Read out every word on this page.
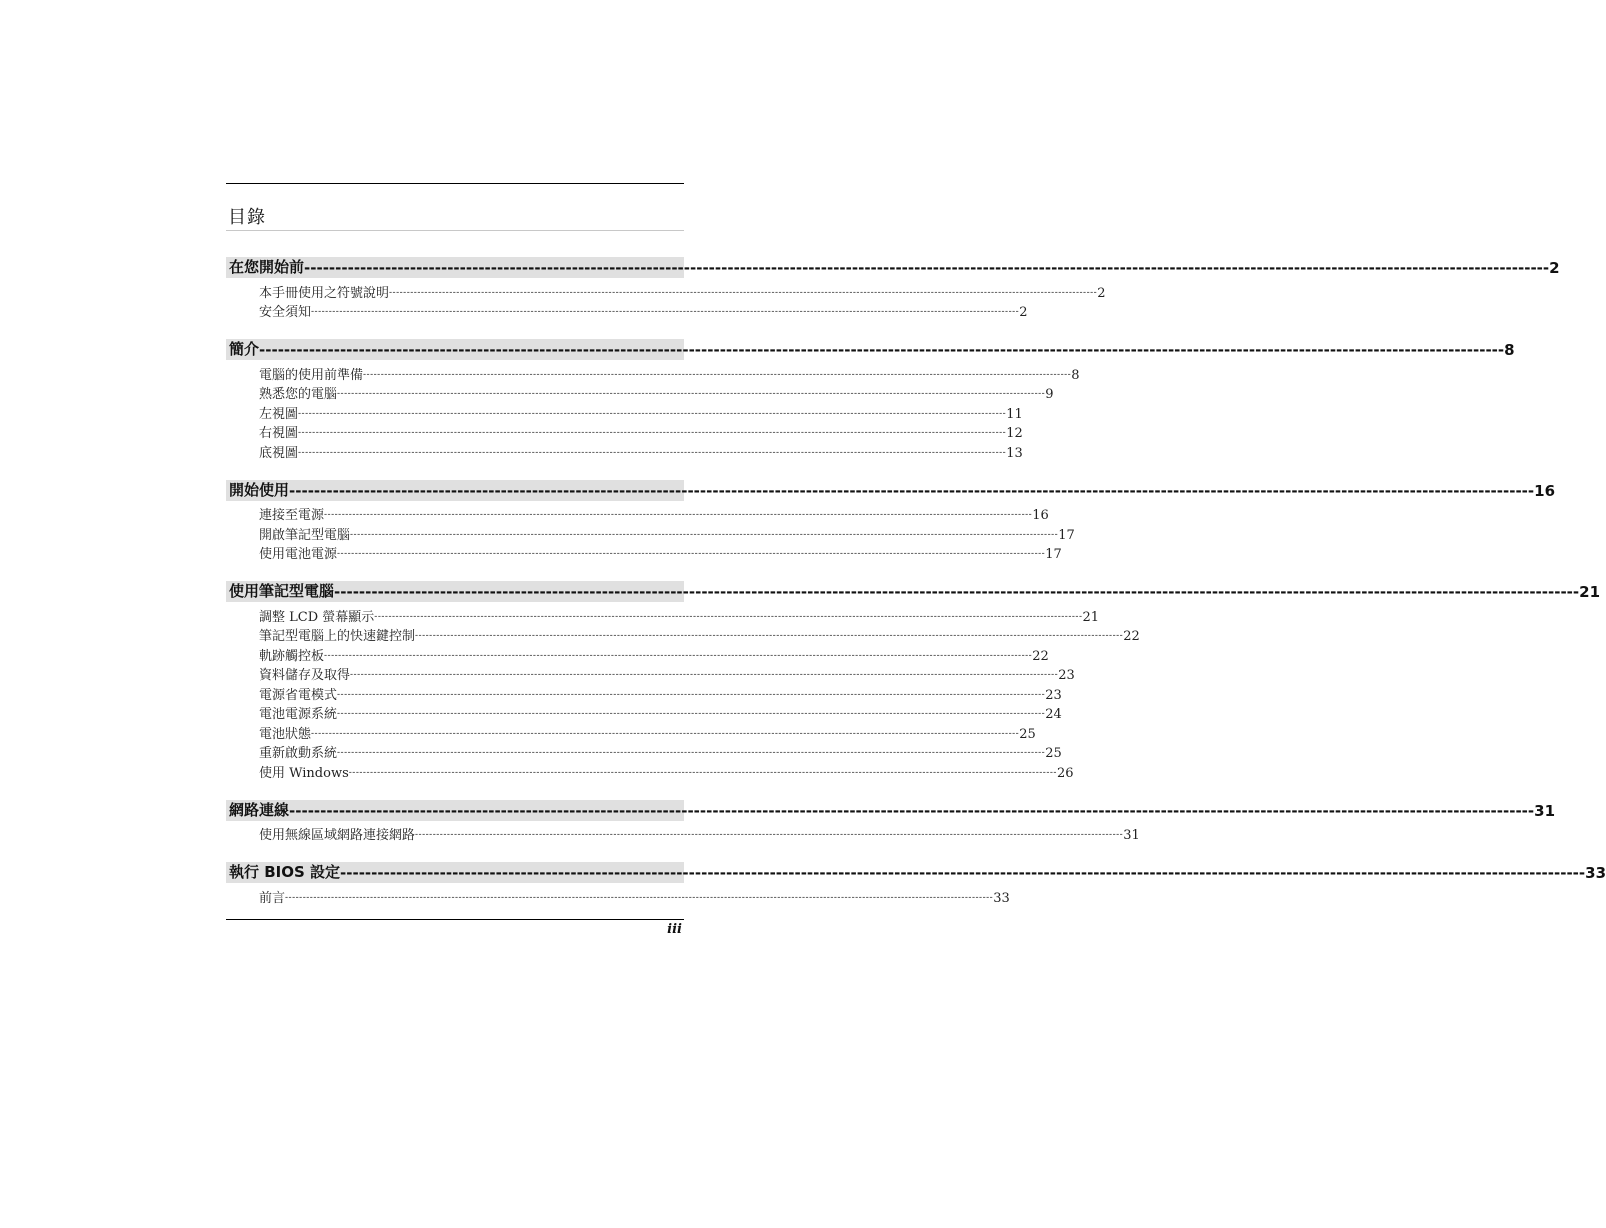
目錄
在您開始前 -------------------------------------------------------------------------------------------------------------------------------------------------------------------------------------------------------- 2
本手冊使用之符號說明 -------------------------------------------------------------------------------------------------------------------------------------------------------------------------------------------------------- 2
安全須知 -------------------------------------------------------------------------------------------------------------------------------------------------------------------------------------------------------- 2
簡介 -------------------------------------------------------------------------------------------------------------------------------------------------------------------------------------------------------- 8
電腦的使用前準備 -------------------------------------------------------------------------------------------------------------------------------------------------------------------------------------------------------- 8
熟悉您的電腦 -------------------------------------------------------------------------------------------------------------------------------------------------------------------------------------------------------- 9
左視圖 -------------------------------------------------------------------------------------------------------------------------------------------------------------------------------------------------------- 11
右視圖 -------------------------------------------------------------------------------------------------------------------------------------------------------------------------------------------------------- 12
底視圖 -------------------------------------------------------------------------------------------------------------------------------------------------------------------------------------------------------- 13
開始使用 -------------------------------------------------------------------------------------------------------------------------------------------------------------------------------------------------------- 16
連接至電源 -------------------------------------------------------------------------------------------------------------------------------------------------------------------------------------------------------- 16
開啟筆記型電腦 -------------------------------------------------------------------------------------------------------------------------------------------------------------------------------------------------------- 17
使用電池電源 -------------------------------------------------------------------------------------------------------------------------------------------------------------------------------------------------------- 17
使用筆記型電腦 -------------------------------------------------------------------------------------------------------------------------------------------------------------------------------------------------------- 21
調整 LCD 螢幕顯示 -------------------------------------------------------------------------------------------------------------------------------------------------------------------------------------------------------- 21
筆記型電腦上的快速鍵控制 -------------------------------------------------------------------------------------------------------------------------------------------------------------------------------------------------------- 22
軌跡觸控板 -------------------------------------------------------------------------------------------------------------------------------------------------------------------------------------------------------- 22
資料儲存及取得 -------------------------------------------------------------------------------------------------------------------------------------------------------------------------------------------------------- 23
電源省電模式 -------------------------------------------------------------------------------------------------------------------------------------------------------------------------------------------------------- 23
電池電源系統 -------------------------------------------------------------------------------------------------------------------------------------------------------------------------------------------------------- 24
電池狀態 -------------------------------------------------------------------------------------------------------------------------------------------------------------------------------------------------------- 25
重新啟動系統 -------------------------------------------------------------------------------------------------------------------------------------------------------------------------------------------------------- 25
使用 Windows -------------------------------------------------------------------------------------------------------------------------------------------------------------------------------------------------------- 26
網路連線 -------------------------------------------------------------------------------------------------------------------------------------------------------------------------------------------------------- 31
使用無線區域網路連接網路 -------------------------------------------------------------------------------------------------------------------------------------------------------------------------------------------------------- 31
執行 BIOS 設定 -------------------------------------------------------------------------------------------------------------------------------------------------------------------------------------------------------- 33
前言 -------------------------------------------------------------------------------------------------------------------------------------------------------------------------------------------------------- 33
iii
